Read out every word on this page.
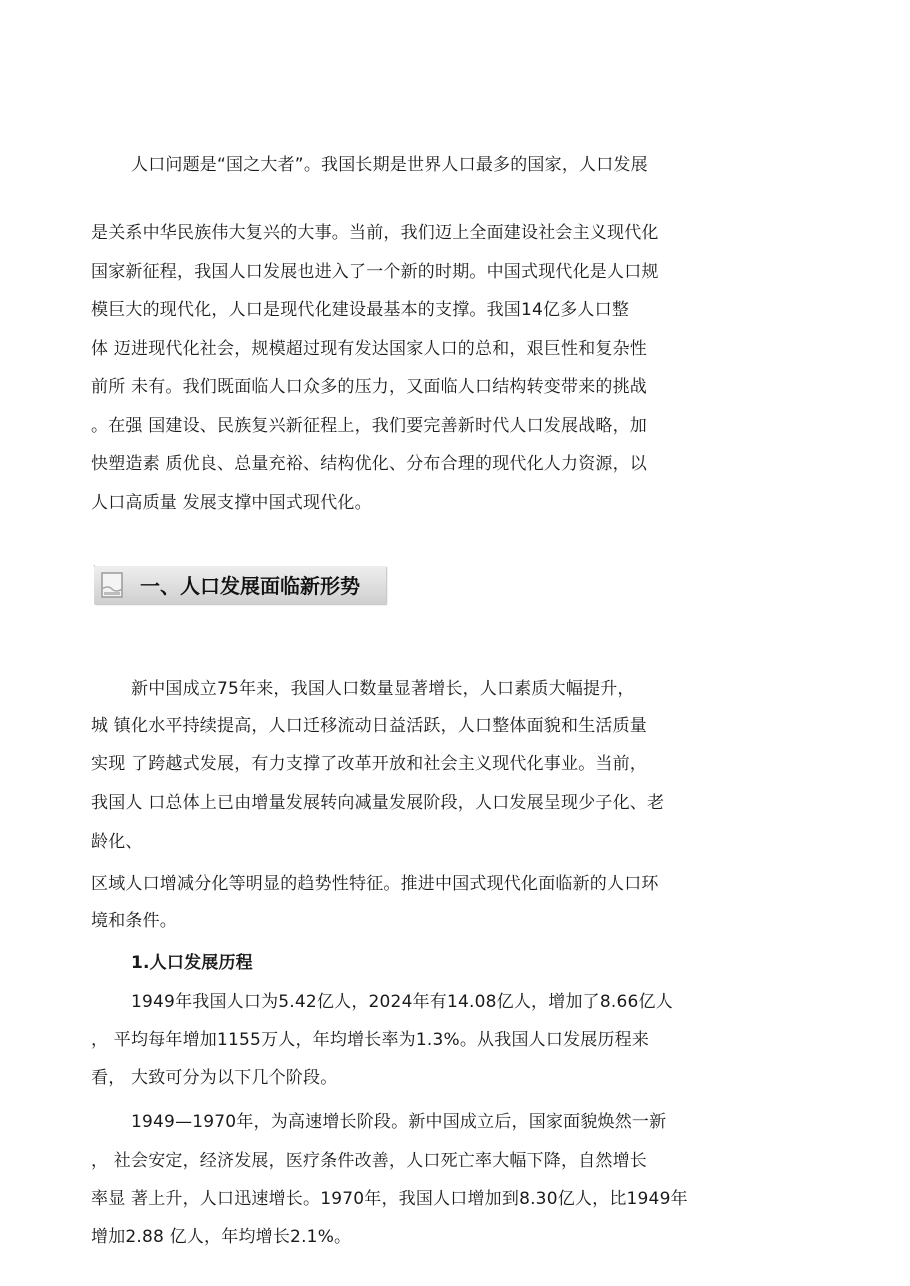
人口问题是“国之大者”。我国长期是世界人口最多的国家，人口发展
是关系中华民族伟大复兴的大事。当前，我们迈上全面建设社会主义现代化
国家新征程，我国人口发展也进入了一个新的时期。中国式现代化是人口规
模巨大的现代化，人口是现代化建设最基本的支撑。我国14亿多人口整
体 迈进现代化社会，规模超过现有发达国家人口的总和，艰巨性和复杂性
前所 未有。我们既面临人口众多的压力，又面临人口结构转变带来的挑战
。在强 国建设、民族复兴新征程上，我们要完善新时代人口发展战略，加
快塑造素 质优良、总量充裕、结构优化、分布合理的现代化人力资源，以
人口高质量 发展支撑中国式现代化。
一、人口发展面临新形势
新中国成立75年来，我国人口数量显著增长，人口素质大幅提升，
城 镇化水平持续提高，人口迁移流动日益活跃，人口整体面貌和生活质量
实现 了跨越式发展，有力支撑了改革开放和社会主义现代化事业。当前，
我国人 口总体上已由增量发展转向减量发展阶段，人口发展呈现少子化、老
龄化、
区域人口增减分化等明显的趋势性特征。推进中国式现代化面临新的人口环
境和条件。
1.人口发展历程
1949年我国人口为5.42亿人，2024年有14.08亿人，增加了8.66亿人
， 平均每年增加1155万人，年均增长率为1.3%。从我国人口发展历程来
看， 大致可分为以下几个阶段。
1949—1970年，为高速增长阶段。新中国成立后，国家面貌焕然一新
， 社会安定，经济发展，医疗条件改善，人口死亡率大幅下降，自然增长
率显 著上升，人口迅速增长。1970年，我国人口增加到8.30亿人，比1949年
增加2.88 亿人，年均增长2.1%。
